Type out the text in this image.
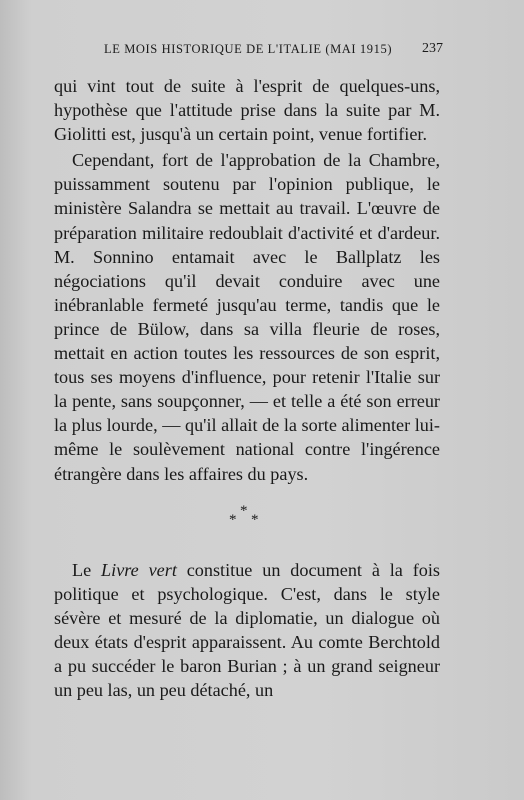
LE MOIS HISTORIQUE DE L'ITALIE (MAI 1915) 237

qui vint tout de suite à l'esprit de quelques-uns, hypothèse que l'attitude prise dans la suite par M. Giolitti est, jusqu'à un certain point, venue fortifier.

Cependant, fort de l'approbation de la Chambre, puissamment soutenu par l'opinion publique, le ministère Salandra se mettait au travail. L'œuvre de préparation militaire redoublait d'activité et d'ardeur. M. Sonnino entamait avec le Ballplatz les négociations qu'il devait conduire avec une inébranlable fermeté jusqu'au terme, tandis que le prince de Bülow, dans sa villa fleurie de roses, mettait en action toutes les ressources de son esprit, tous ses moyens d'influence, pour retenir l'Italie sur la pente, sans soupçonner, — et telle a été son erreur la plus lourde, — qu'il allait de la sorte alimenter lui-même le soulèvement national contre l'ingérence étrangère dans les affaires du pays.

*
* *

Le Livre vert constitue un document à la fois politique et psychologique. C'est, dans le style sévère et mesuré de la diplomatie, un dialogue où deux états d'esprit apparaissent. Au comte Berchtold a pu succéder le baron Burian ; à un grand seigneur un peu las, un peu détaché, un
